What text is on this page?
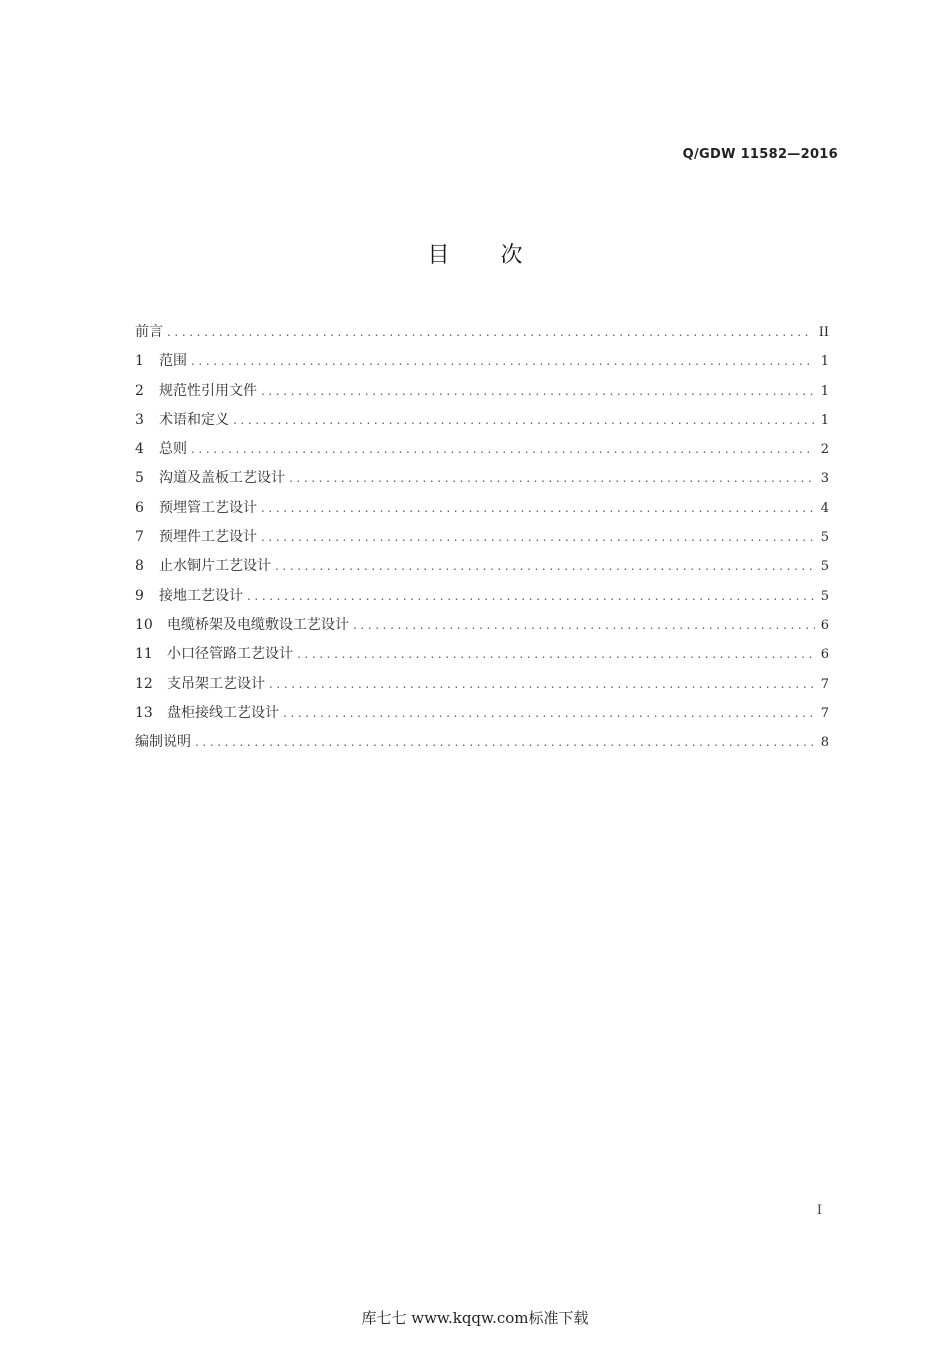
Q/GDW 11582—2016
目 次
前言 .....	II
1	范围 .....	1
2	规范性引用文件 .....	1
3	术语和定义 .....	1
4	总则 .....	2
5	沟道及盖板工艺设计 .....	3
6	预埋管工艺设计 .....	4
7	预埋件工艺设计 .....	5
8	止水铜片工艺设计 .....	5
9	接地工艺设计 .....	5
10	电缆桥架及电缆敷设工艺设计 .....	6
11	小口径管路工艺设计 .....	6
12	支吊架工艺设计 .....	7
13	盘柜接线工艺设计 .....	7
编制说明 .....	8
I
库七七 www.kqqw.com标准下载
